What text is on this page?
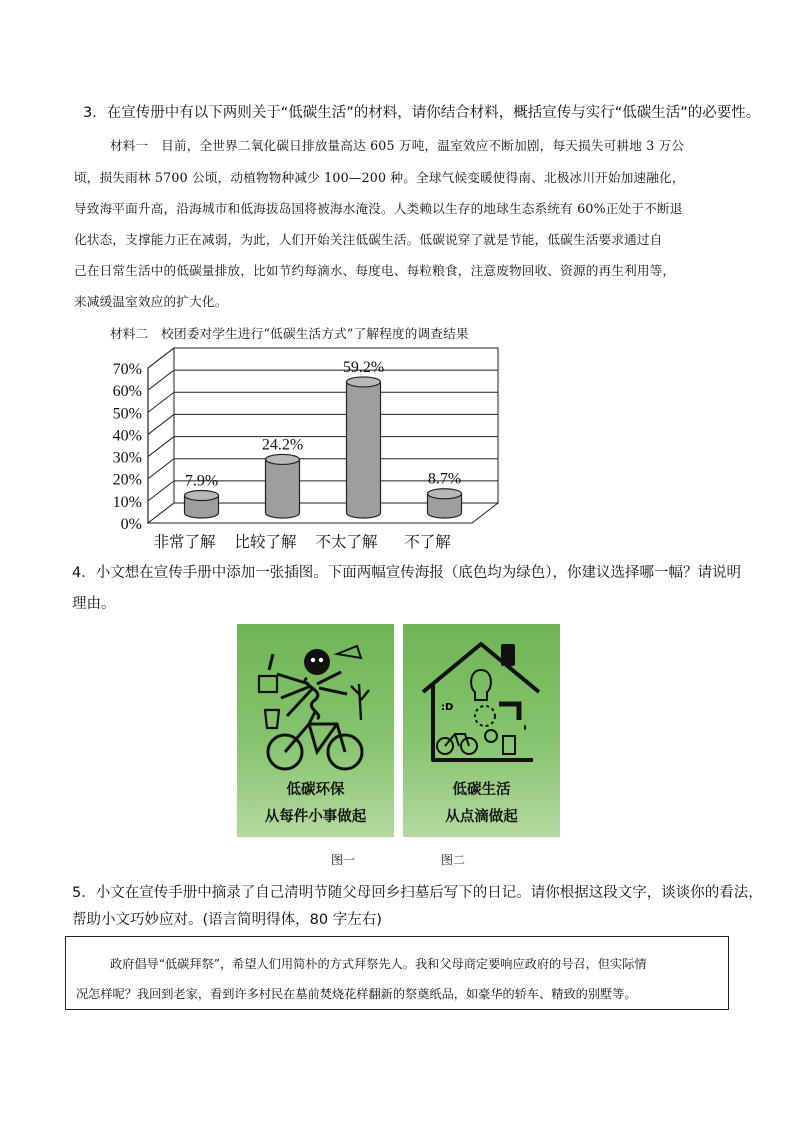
3．在宣传册中有以下两则关于“低碳生活”的材料，请你结合材料，概括宣传与实行“低碳生活”的必要性。
材料一　目前，全世界二氧化碳日排放量高达 605 万吨，温室效应不断加剧，每天损失可耕地 3 万公
顷，损失雨林 5700 公顷，动植物物种减少 100—200 种。全球气候变暖使得南、北极冰川开始加速融化，
导致海平面升高，沿海城市和低海拔岛国将被海水淹没。人类赖以生存的地球生态系统有 60%正处于不断退
化状态，支撑能力正在减弱，为此，人们开始关注低碳生活。低碳说穿了就是节能，低碳生活要求通过自
己在日常生活中的低碳量排放，比如节约每滴水、每度电、每粒粮食，注意废物回收、资源的再生利用等，
来减缓温室效应的扩大化。
材料二　校团委对学生进行“低碳生活方式”了解程度的调查结果
0%
10%
20%
30%
40%
50%
60%
70%
7.9%
非常了解
24.2%
比较了解
59.2%
不太了解
8.7%
不了解
4．小文想在宣传手册中添加一张插图。下面两幅宣传海报（底色均为绿色），你建议选择哪一幅？请说明
理由。
低碳环保
从每件小事做起
:D
低碳生活
从点滴做起
图一	图二
5．小文在宣传手册中摘录了自己清明节随父母回乡扫墓后写下的日记。请你根据这段文字，谈谈你的看法，
帮助小文巧妙应对。(语言简明得体，80 字左右)
政府倡导“低碳拜祭”，希望人们用简朴的方式拜祭先人。我和父母商定要响应政府的号召，但实际情
况怎样呢？我回到老家，看到许多村民在墓前焚烧花样翻新的祭奠纸品，如豪华的轿车、精致的别墅等。
